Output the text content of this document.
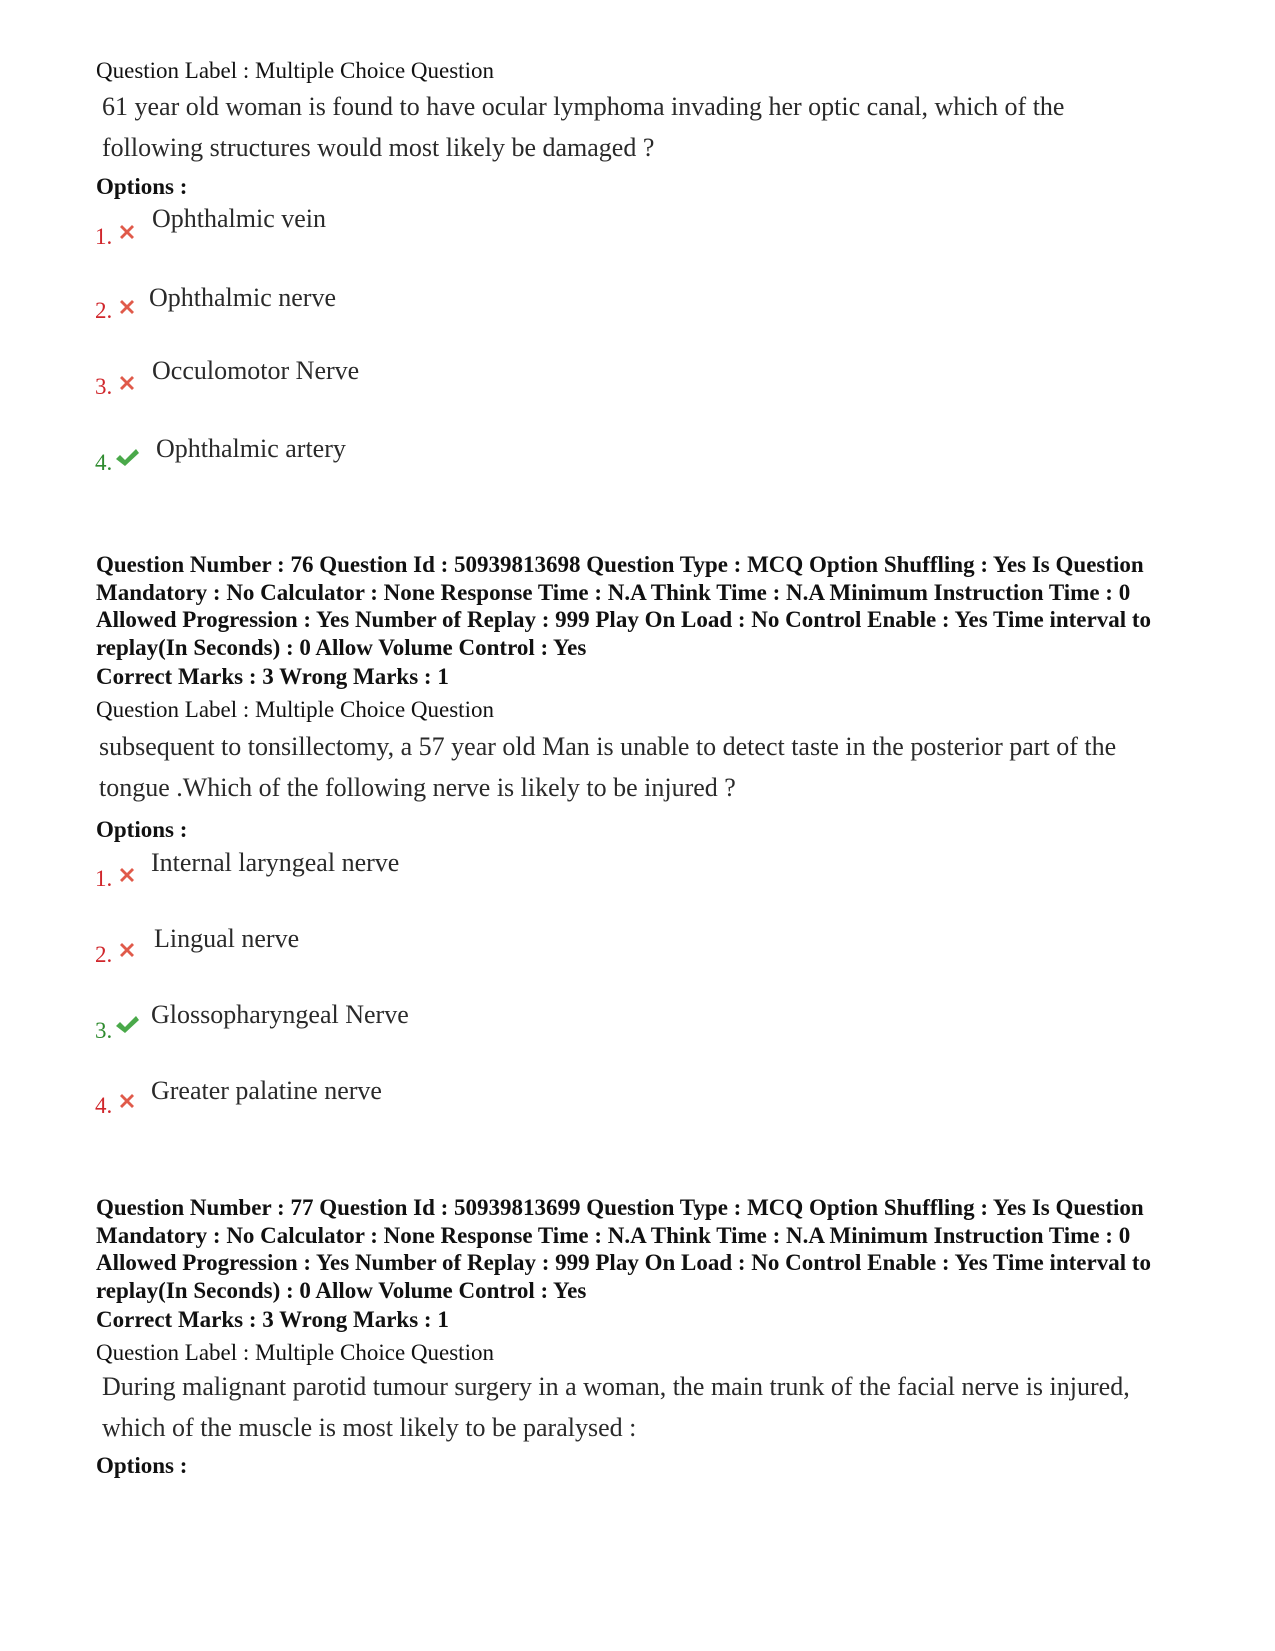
Question Label : Multiple Choice Question
61 year old woman is found to have ocular lymphoma invading her optic canal, which of the following structures would most likely be damaged ?
Options :
1.
Ophthalmic vein
2. Ophthalmic nerve
3.
Occulomotor Nerve
4. Ophthalmic artery
Question Number : 76 Question Id : 50939813698 Question Type : MCQ Option Shuffling : Yes Is Question Mandatory : No Calculator : None Response Time : N.A Think Time : N.A Minimum Instruction Time : 0 Allowed Progression : Yes Number of Replay : 999 Play On Load : No Control Enable : Yes Time interval to replay(In Seconds) : 0 Allow Volume Control : Yes
Correct Marks : 3 Wrong Marks : 1
Question Label : Multiple Choice Question
subsequent to tonsillectomy, a 57 year old Man is unable to detect taste in the posterior part of the tongue .Which of the following nerve is likely to be injured ?
Options :
1.
Internal laryngeal nerve
2.
Lingual nerve
3.
Glossopharyngeal Nerve
4.
Greater palatine nerve
Question Number : 77 Question Id : 50939813699 Question Type : MCQ Option Shuffling : Yes Is Question Mandatory : No Calculator : None Response Time : N.A Think Time : N.A Minimum Instruction Time : 0 Allowed Progression : Yes Number of Replay : 999 Play On Load : No Control Enable : Yes Time interval to replay(In Seconds) : 0 Allow Volume Control : Yes
Correct Marks : 3 Wrong Marks : 1
Question Label : Multiple Choice Question
During malignant parotid tumour surgery in a woman, the main trunk of the facial nerve is injured, which of the muscle is most likely to be paralysed :
Options :
